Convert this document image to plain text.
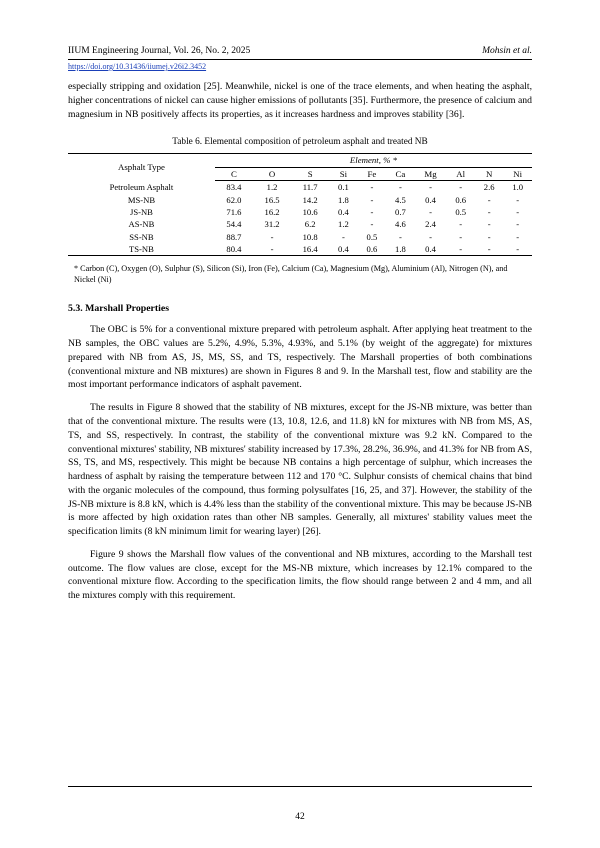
IIUM Engineering Journal, Vol. 26, No. 2, 2025	Mohsin et al.
https://doi.org/10.31436/iiumej.v26i2.3452

especially stripping and oxidation [25]. Meanwhile, nickel is one of the trace elements, and when heating the asphalt, higher concentrations of nickel can cause higher emissions of pollutants [35]. Furthermore, the presence of calcium and magnesium in NB positively affects its properties, as it increases hardness and improves stability [36].

Table 6. Elemental composition of petroleum asphalt and treated NB
Asphalt Type	Element, % *									
	C	O	S	Si	Fe	Ca	Mg	Al	N	Ni
Petroleum Asphalt	83.4	1.2	11.7	0.1	-	-	-	-	2.6	1.0
MS-NB	62.0	16.5	14.2	1.8	-	4.5	0.4	0.6	-	-
JS-NB	71.6	16.2	10.6	0.4	-	0.7	-	0.5	-	-
AS-NB	54.4	31.2	6.2	1.2	-	4.6	2.4	-	-	-
SS-NB	88.7	-	10.8	-	0.5	-	-	-	-	-
TS-NB	80.4	-	16.4	0.4	0.6	1.8	0.4	-	-	-
* Carbon (C), Oxygen (O), Sulphur (S), Silicon (Si), Iron (Fe), Calcium (Ca), Magnesium (Mg), Aluminium (Al), Nitrogen (N), and Nickel (Ni)
5.3. Marshall Properties

The OBC is 5% for a conventional mixture prepared with petroleum asphalt. After applying heat treatment to the NB samples, the OBC values are 5.2%, 4.9%, 5.3%, 4.93%, and 5.1% (by weight of the aggregate) for mixtures prepared with NB from AS, JS, MS, SS, and TS, respectively. The Marshall properties of both combinations (conventional mixture and NB mixtures) are shown in Figures 8 and 9. In the Marshall test, flow and stability are the most important performance indicators of asphalt pavement.

The results in Figure 8 showed that the stability of NB mixtures, except for the JS-NB mixture, was better than that of the conventional mixture. The results were (13, 10.8, 12.6, and 11.8) kN for mixtures with NB from MS, AS, TS, and SS, respectively. In contrast, the stability of the conventional mixture was 9.2 kN. Compared to the conventional mixtures' stability, NB mixtures' stability increased by 17.3%, 28.2%, 36.9%, and 41.3% for NB from AS, SS, TS, and MS, respectively. This might be because NB contains a high percentage of sulphur, which increases the hardness of asphalt by raising the temperature between 112 and 170 °C. Sulphur consists of chemical chains that bind with the organic molecules of the compound, thus forming polysulfates [16, 25, and 37]. However, the stability of the JS-NB mixture is 8.8 kN, which is 4.4% less than the stability of the conventional mixture. This may be because JS-NB is more affected by high oxidation rates than other NB samples. Generally, all mixtures' stability values meet the specification limits (8 kN minimum limit for wearing layer) [26].

Figure 9 shows the Marshall flow values of the conventional and NB mixtures, according to the Marshall test outcome. The flow values are close, except for the MS-NB mixture, which increases by 12.1% compared to the conventional mixture flow. According to the specification limits, the flow should range between 2 and 4 mm, and all the mixtures comply with this requirement.

42
